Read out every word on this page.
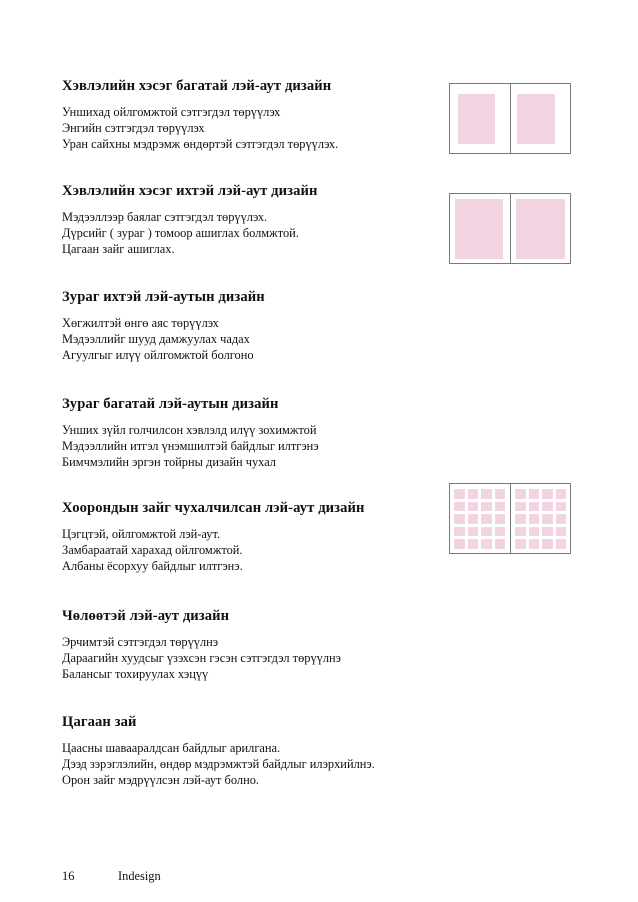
Хэвлэлийн хэсэг багатай лэй-аут дизайн
Уншихад ойлгомжтой сэтгэгдэл төрүүлэх
Энгийн сэтгэгдэл төрүүлэх
Уран сайхны мэдрэмж өндөртэй сэтгэгдэл төрүүлэх.
Хэвлэлийн хэсэг ихтэй лэй-аут дизайн
Мэдээллээр баялаг сэтгэгдэл төрүүлэх.
Дүрсийг ( зураг ) томоор ашиглах болмжтой.
Цагаан зайг ашиглах.
Зураг ихтэй лэй-аутын дизайн
Хөгжилтэй өнгө аяс төрүүлэх
Мэдээллийг шууд дамжуулах чадах
Агуулгыг илүү ойлгомжтой болгоно
Зураг багатай лэй-аутын дизайн
Унших зүйл голчилсон хэвлэлд илүү зохимжтой
Мэдээллийн итгэл үнэмшилтэй байдлыг илтгэнэ
Бимчмэлийн эргэн тойрны дизайн чухал
Хоорондын зайг чухалчилсан лэй-аут дизайн
Цэгцтэй, ойлгомжтой лэй-аут.
Замбараатай харахад ойлгомжтой.
Албаны ёсорхуу байдлыг илтгэнэ.
Чөлөөтэй лэй-аут дизайн
Эрчимтэй сэтгэгдэл төрүүлнэ
Дараагийн хуудсыг үзэхсэн гэсэн сэтгэгдэл төрүүлнэ
Балансыг тохируулах хэцүү
Цагаан зай
Цаасны шавааралдсан байдлыг арилгана.
Дээд зэрэглэлийн, өндөр мэдрэмжтэй байдлыг илэрхийлнэ.
Орон зайг мэдрүүлсэн лэй-аут болно.
16	Indesign
